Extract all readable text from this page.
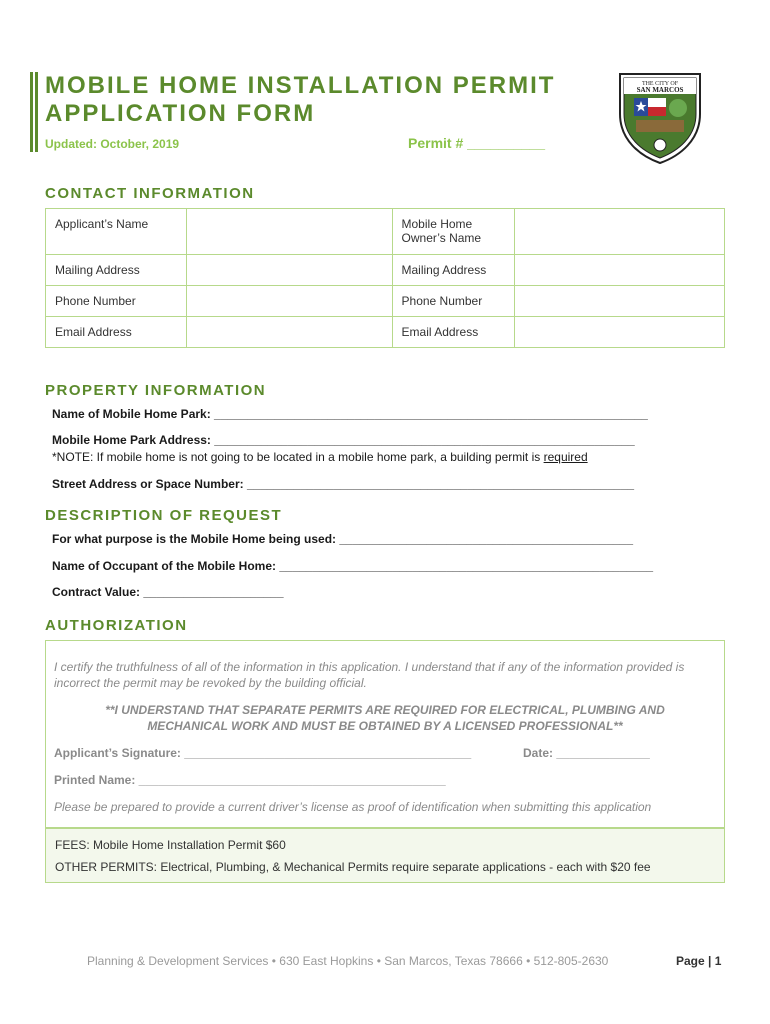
MOBILE HOME INSTALLATION PERMIT APPLICATION FORM
Updated: October, 2019	Permit # __________
THE CITY OF
SAN MARCOS
CONTACT INFORMATION
Applicant’s Name		Mobile Home Owner’s Name	
Mailing Address		Mailing Address	
Phone Number		Phone Number	
Email Address		Email Address	
PROPERTY INFORMATION
Name of Mobile Home Park: _________________________________________________________________
Mobile Home Park Address: _______________________________________________________________
*NOTE: If mobile home is not going to be located in a mobile home park, a building permit is required
Street Address or Space Number: __________________________________________________________
DESCRIPTION OF REQUEST
For what purpose is the Mobile Home being used: ____________________________________________
Name of Occupant of the Mobile Home: ________________________________________________________
Contract Value: _____________________
AUTHORIZATION
I certify the truthfulness of all of the information in this application. I understand that if any of the information provided is incorrect the permit may be revoked by the building official.
**I UNDERSTAND THAT SEPARATE PERMITS ARE REQUIRED FOR ELECTRICAL, PLUMBING AND
MECHANICAL WORK AND MUST BE OBTAINED BY A LICENSED PROFESSIONAL**
Applicant’s Signature: ___________________________________________	Date: ______________
Printed Name: ______________________________________________
Please be prepared to provide a current driver’s license as proof of identification when submitting this application
FEES: Mobile Home Installation Permit $60
OTHER PERMITS: Electrical, Plumbing, & Mechanical Permits require separate applications - each with $20 fee
Planning & Development Services • 630 East Hopkins • San Marcos, Texas 78666 • 512-805-2630	Page | 1
